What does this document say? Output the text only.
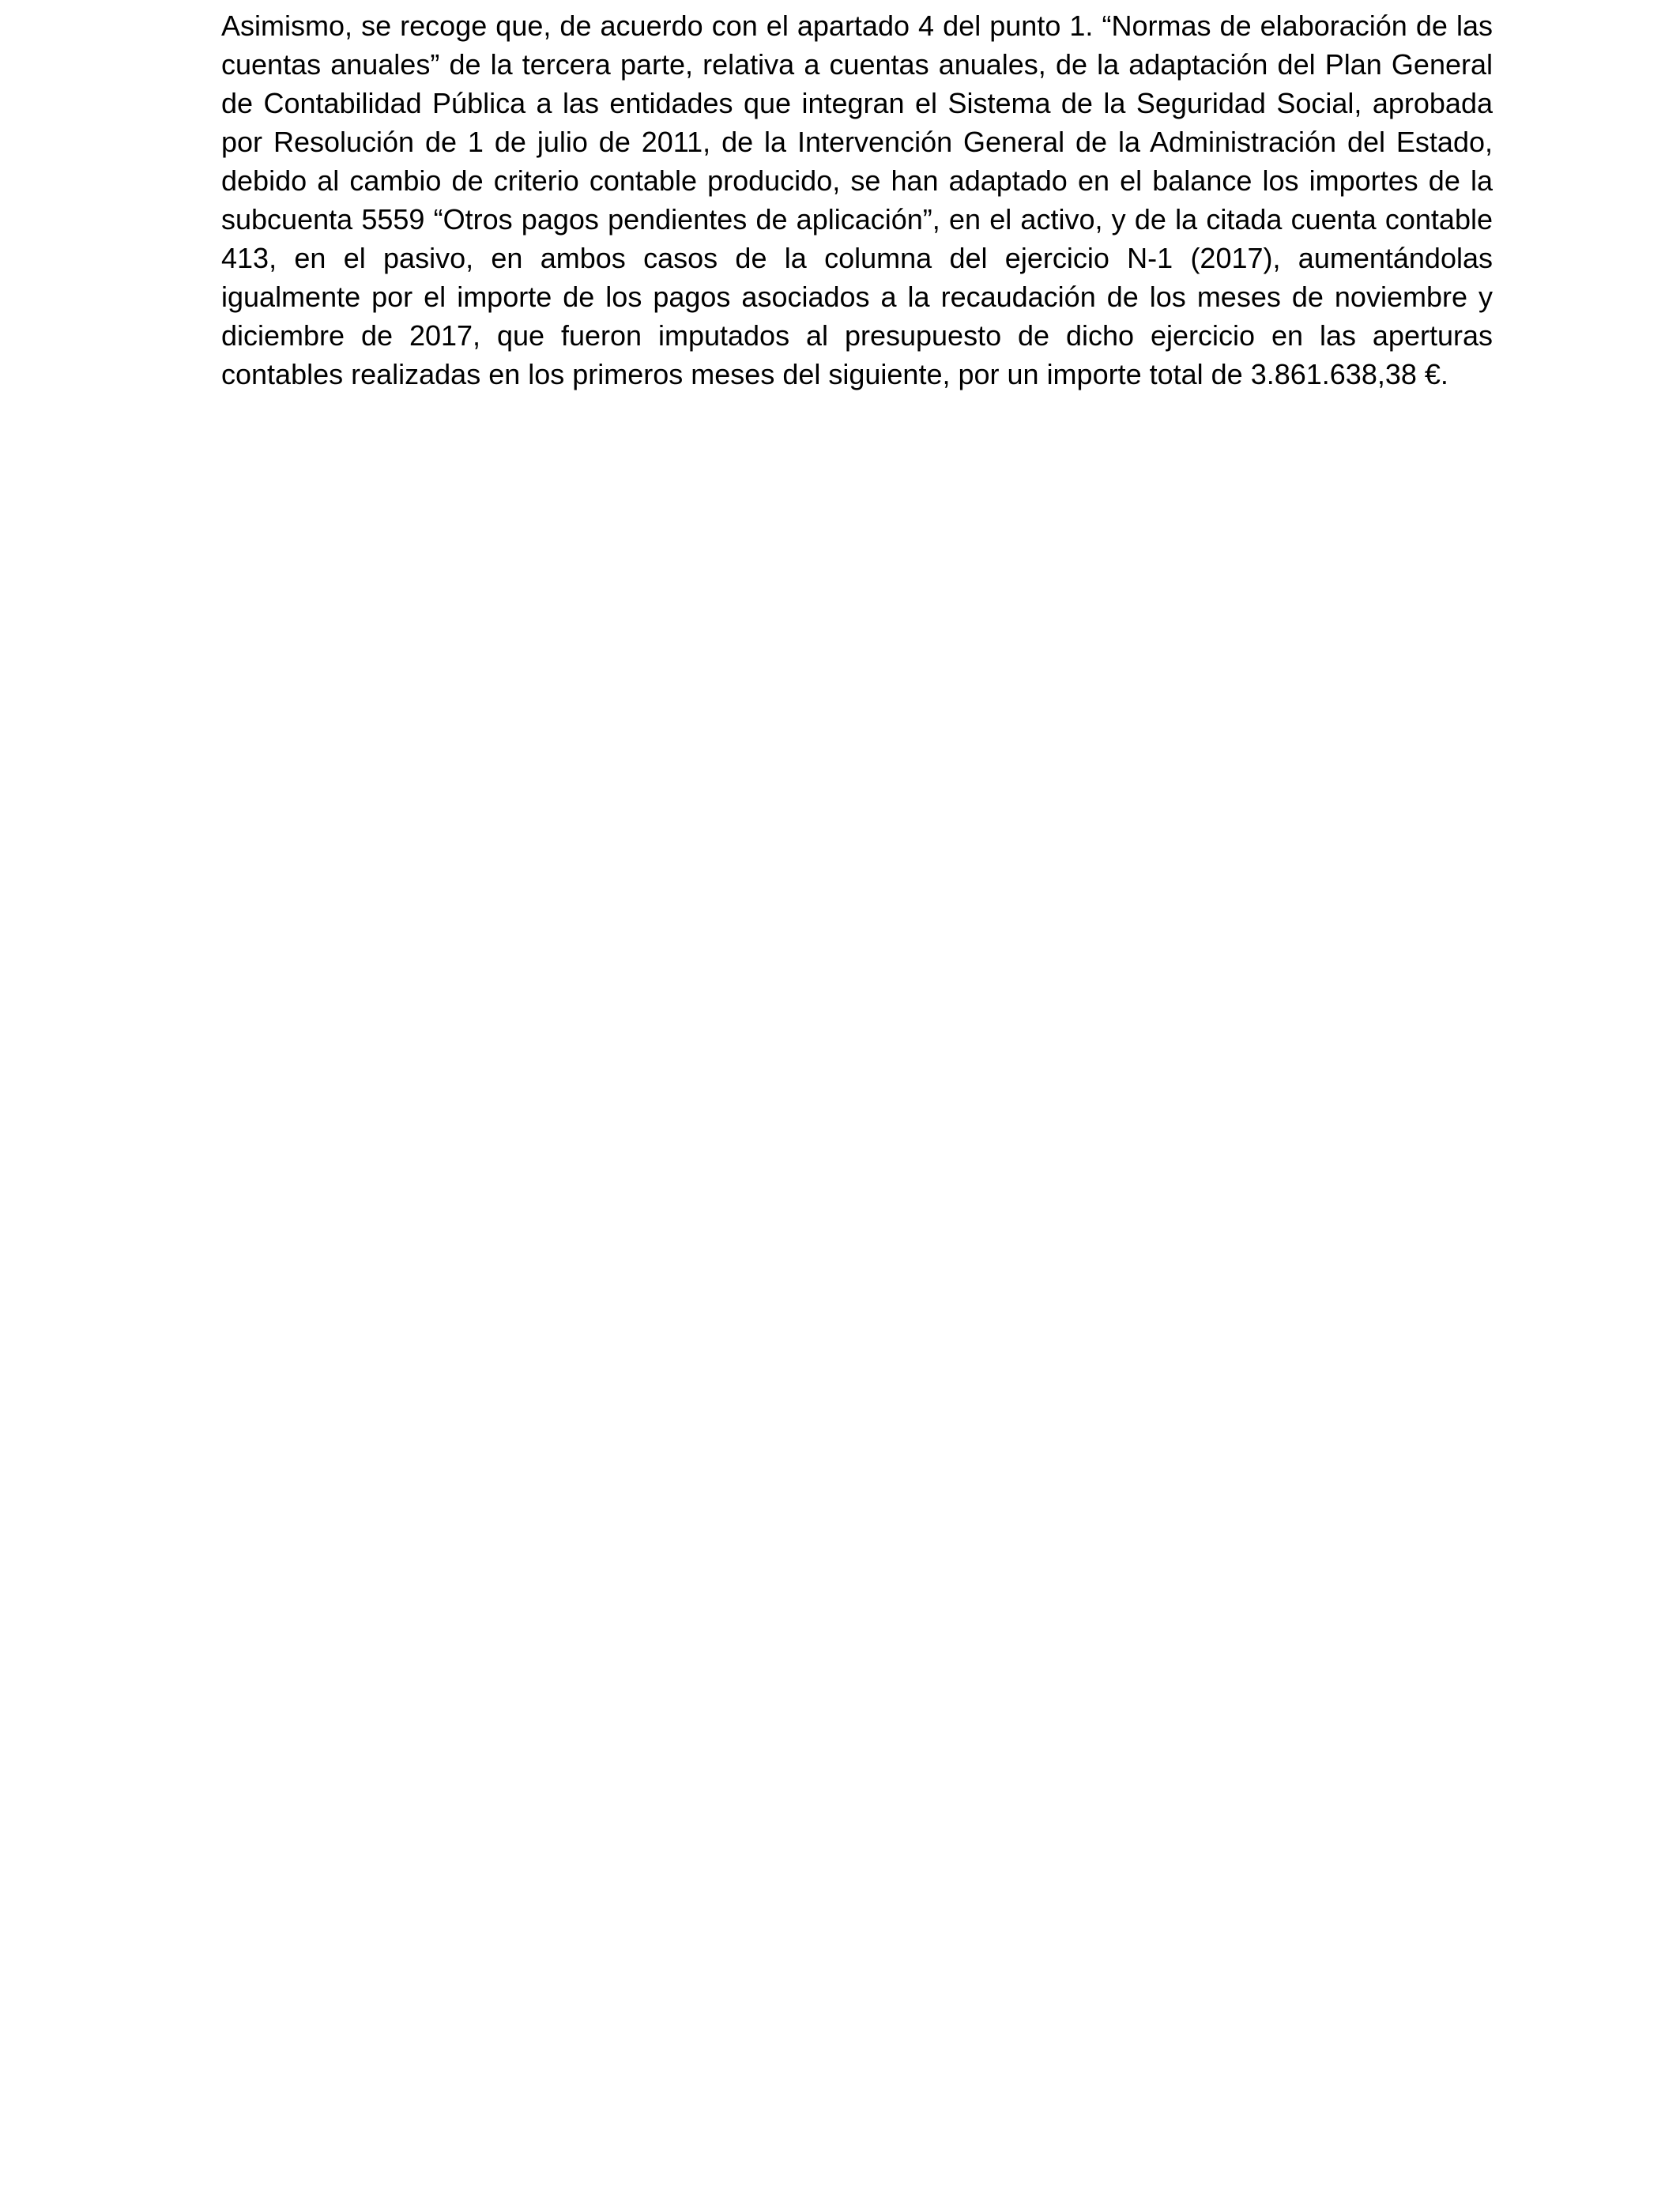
Asimismo, se recoge que, de acuerdo con el apartado 4 del punto 1. “Normas de elaboración de las cuentas anuales” de la tercera parte, relativa a cuentas anuales, de la adaptación del Plan General de Contabilidad Pública a las entidades que integran el Sistema de la Seguridad Social, aprobada por Resolución de 1 de julio de 2011, de la Intervención General de la Administración del Estado, debido al cambio de criterio contable producido, se han adaptado en el balance los importes de la subcuenta 5559 “Otros pagos pendientes de aplicación”, en el activo, y de la citada cuenta contable 413, en el pasivo, en ambos casos de la columna del ejercicio N-1 (2017), aumentándolas igualmente por el importe de los pagos asociados a la recaudación de los meses de noviembre y diciembre de 2017, que fueron imputados al presupuesto de dicho ejercicio en las aperturas contables realizadas en los primeros meses del siguiente, por un importe total de 3.861.638,38 €.
